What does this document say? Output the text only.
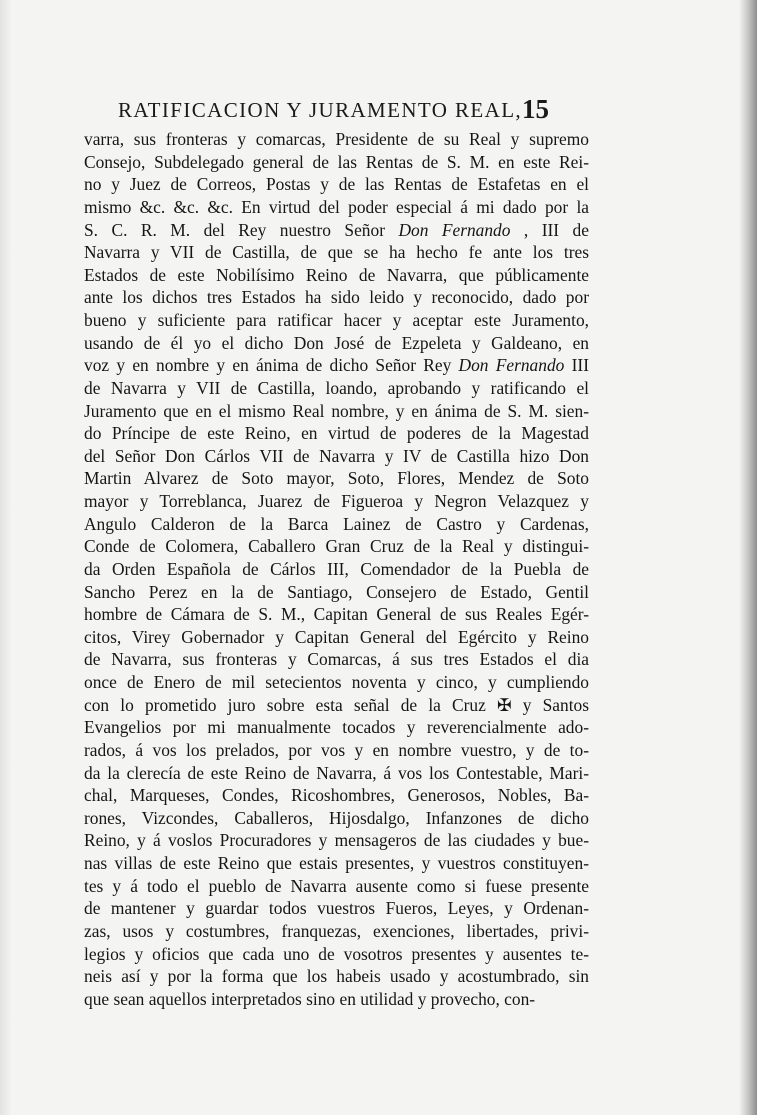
RATIFICACION Y JURAMENTO REAL, 15
varra, sus fronteras y comarcas, Presidente de su Real y supremo
Consejo, Subdelegado general de las Rentas de S. M. en este Rei-
no y Juez de Correos, Postas y de las Rentas de Estafetas en el
mismo &c. &c. &c. En virtud del poder especial á mi dado por la
S. C. R. M. del Rey nuestro Señor Don Fernando , III de
Navarra y VII de Castilla, de que se ha hecho fe ante los tres
Estados de este Nobilísimo Reino de Navarra, que públicamente
ante los dichos tres Estados ha sido leido y reconocido, dado por
bueno y suficiente para ratificar hacer y aceptar este Juramento,
usando de él yo el dicho Don José de Ezpeleta y Galdeano, en
voz y en nombre y en ánima de dicho Señor Rey Don Fernando III
de Navarra y VII de Castilla, loando, aprobando y ratificando el
Juramento que en el mismo Real nombre, y en ánima de S. M. sien-
do Príncipe de este Reino, en virtud de poderes de la Magestad
del Señor Don Cárlos VII de Navarra y IV de Castilla hizo Don
Martin Alvarez de Soto mayor, Soto, Flores, Mendez de Soto
mayor y Torreblanca, Juarez de Figueroa y Negron Velazquez y
Angulo Calderon de la Barca Lainez de Castro y Cardenas,
Conde de Colomera, Caballero Gran Cruz de la Real y distingui-
da Orden Española de Cárlos III, Comendador de la Puebla de
Sancho Perez en la de Santiago, Consejero de Estado, Gentil
hombre de Cámara de S. M., Capitan General de sus Reales Egér-
citos, Virey Gobernador y Capitan General del Egército y Reino
de Navarra, sus fronteras y Comarcas, á sus tres Estados el dia
once de Enero de mil setecientos noventa y cinco, y cumpliendo
con lo prometido juro sobre esta señal de la Cruz ✠ y Santos
Evangelios por mi manualmente tocados y reverencialmente ado-
rados, á vos los prelados, por vos y en nombre vuestro, y de to-
da la clerecía de este Reino de Navarra, á vos los Contestable, Mari-
chal, Marqueses, Condes, Ricoshombres, Generosos, Nobles, Ba-
rones, Vizcondes, Caballeros, Hijosdalgo, Infanzones de dicho
Reino, y á voslos Procuradores y mensageros de las ciudades y bue-
nas villas de este Reino que estais presentes, y vuestros constituyen-
tes y á todo el pueblo de Navarra ausente como si fuese presente
de mantener y guardar todos vuestros Fueros, Leyes, y Ordenan-
zas, usos y costumbres, franquezas, exenciones, libertades, privi-
legios y oficios que cada uno de vosotros presentes y ausentes te-
neis así y por la forma que los habeis usado y acostumbrado, sin
que sean aquellos interpretados sino en utilidad y provecho, con-
